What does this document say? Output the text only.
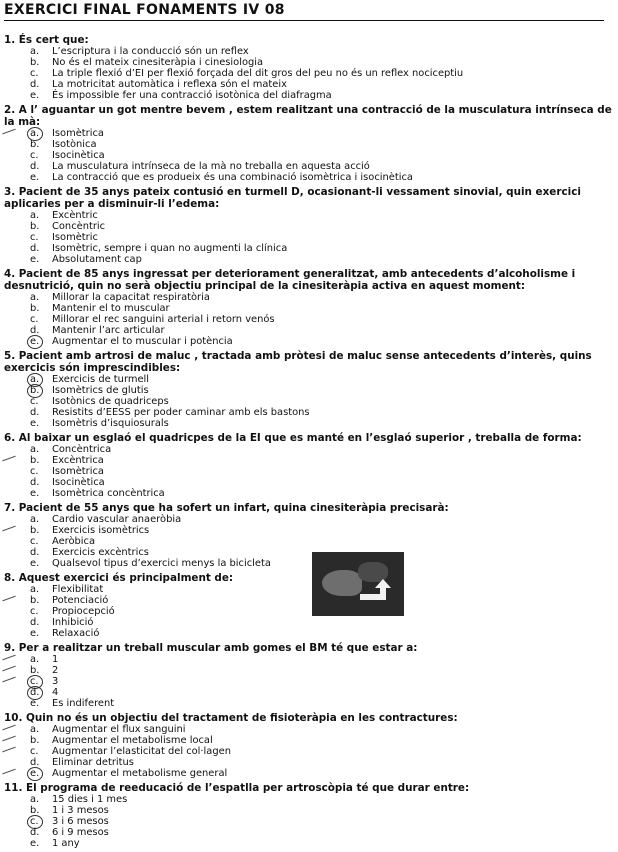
EXERCICI FINAL FONAMENTS IV 08
1. És cert que:
a.	L’escriptura i la conducció són un reflex
b.	No és el mateix cinesiteràpia i cinesiologia
c.	La triple flexió d’EI per flexió forçada del dit gros del peu no és un reflex nociceptiu
d.	La motricitat automàtica i reflexa són el mateix
e.	És impossible fer una contracció isotònica del diafragma
2. A l’ aguantar un got mentre bevem , estem realitzant una contracció de la musculatura intrínseca de la mà:
a.	Isomètrica
b.	Isotònica
c.	Isocinètica
d.	La musculatura intrínseca de la mà no treballa en aquesta acció
e.	La contracció que es produeix és una combinació isomètrica i isocinètica
3. Pacient de 35 anys pateix contusió en turmell D, ocasionant-li vessament sinovial, quin exercici aplicaries per a disminuir-li l’edema:
a.	Excèntric
b.	Concèntric
c.	Isomètric
d.	Isomètric, sempre i quan no augmenti la clínica
e.	Absolutament cap
4. Pacient de 85 anys ingressat per deteriorament generalitzat, amb antecedents d’alcoholisme i desnutrició, quin no serà objectiu principal de la cinesiteràpia activa en aquest moment:
a.	Millorar la capacitat respiratòria
b.	Mantenir el to muscular
c.	Millorar el rec sanguini arterial i retorn venós
d.	Mantenir l’arc articular
e.	Augmentar el to muscular i potència
5. Pacient amb artrosi de maluc , tractada amb pròtesi de maluc sense antecedents d’interès, quins exercicis són imprescindibles:
a.	Exercicis de turmell
b.	Isomètrics de glutis
c.	Isotònics de quadriceps
d.	Resistits d’EESS per poder caminar amb els bastons
e.	Isomètris d’isquiosurals
6. Al baixar un esglaó el quadricpes de la EI que es manté en l’esglaó superior , treballa de forma:
a.	Concèntrica
b.	Excèntrica
c.	Isomètrica
d.	Isocinètica
e.	Isomètrica concèntrica
7. Pacient de 55 anys que ha sofert un infart, quina cinesiteràpia precisarà:
a.	Cardio vascular anaeròbia
b.	Exercicis isomètrics
c.	Aeròbica
d.	Exercicis excèntrics
e.	Qualsevol tipus d’exercici menys la bicicleta
8. Aquest exercici és principalment de:
a.	Flexibilitat
b.	Potenciació
c.	Propiocepció
d.	Inhibició
e.	Relaxació
9. Per a realitzar un treball muscular amb gomes el BM té que estar a:
a.	1
b.	2
c.	3
d.	4
e.	Es indiferent
10. Quin no és un objectiu del tractament de fisioteràpia en les contractures:
a.	Augmentar el flux sanguini
b.	Augmentar el metabolisme local
c.	Augmentar l’elasticitat del col·lagen
d.	Eliminar detritus
e.	Augmentar el metabolisme general
11. El programa de reeducació de l’espatlla per artroscòpia té que durar entre:
a.	15 dies i 1 mes
b.	1 i 3 mesos
c.	3 i 6 mesos
d.	6 i 9 mesos
e.	1 any
